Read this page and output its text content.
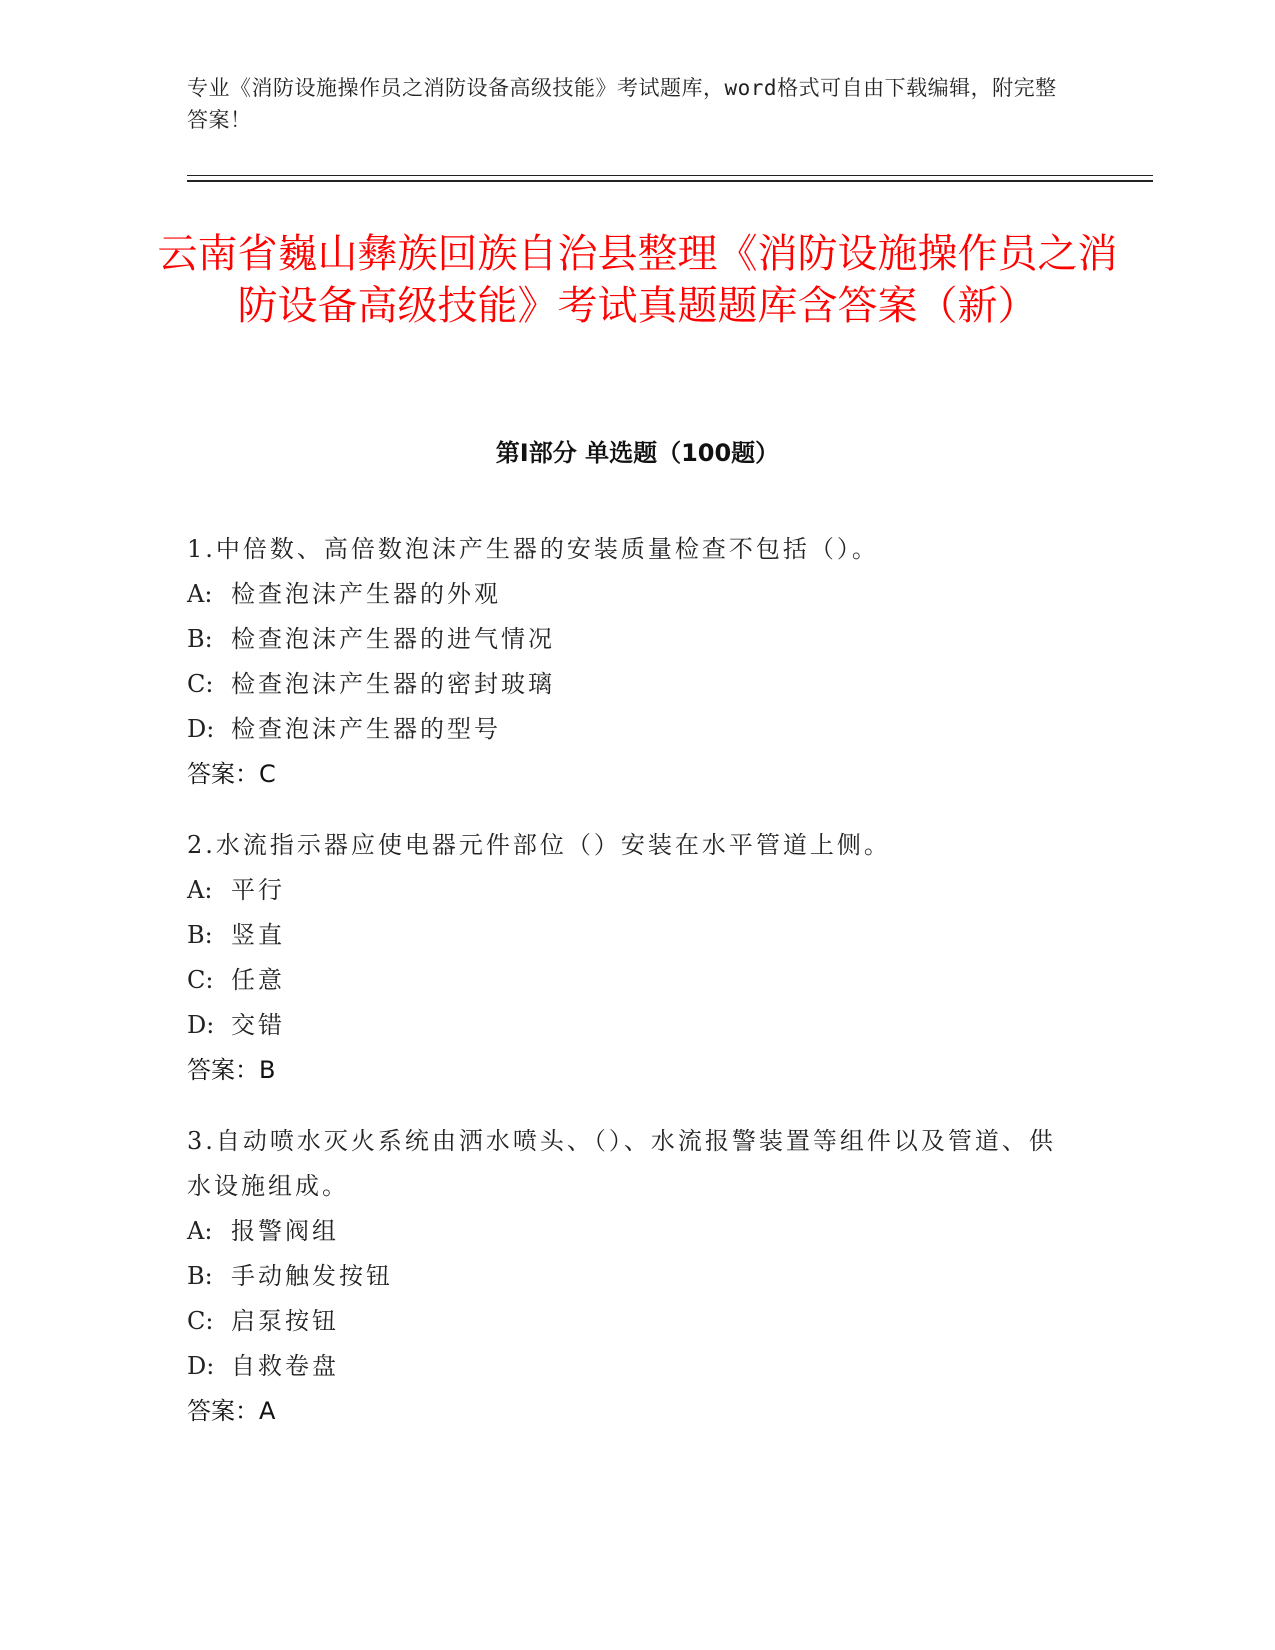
专业《消防设施操作员之消防设备高级技能》考试题库，word格式可自由下载编辑，附完整答案！
云南省巍山彝族回族自治县整理《消防设施操作员之消防设备高级技能》考试真题题库含答案（新）
第Ⅰ部分 单选题（100题）

1.中倍数、高倍数泡沫产生器的安装质量检查不包括（）。

A: 检查泡沫产生器的外观

B: 检查泡沫产生器的进气情况

C: 检查泡沫产生器的密封玻璃

D: 检查泡沫产生器的型号

答案：C

2.水流指示器应使电器元件部位（）安装在水平管道上侧。

A: 平行

B: 竖直

C: 任意

D: 交错

答案：B

3.自动喷水灭火系统由洒水喷头、（）、水流报警装置等组件以及管道、供水设施组成。

A: 报警阀组

B: 手动触发按钮

C: 启泵按钮

D: 自救卷盘

答案：A
